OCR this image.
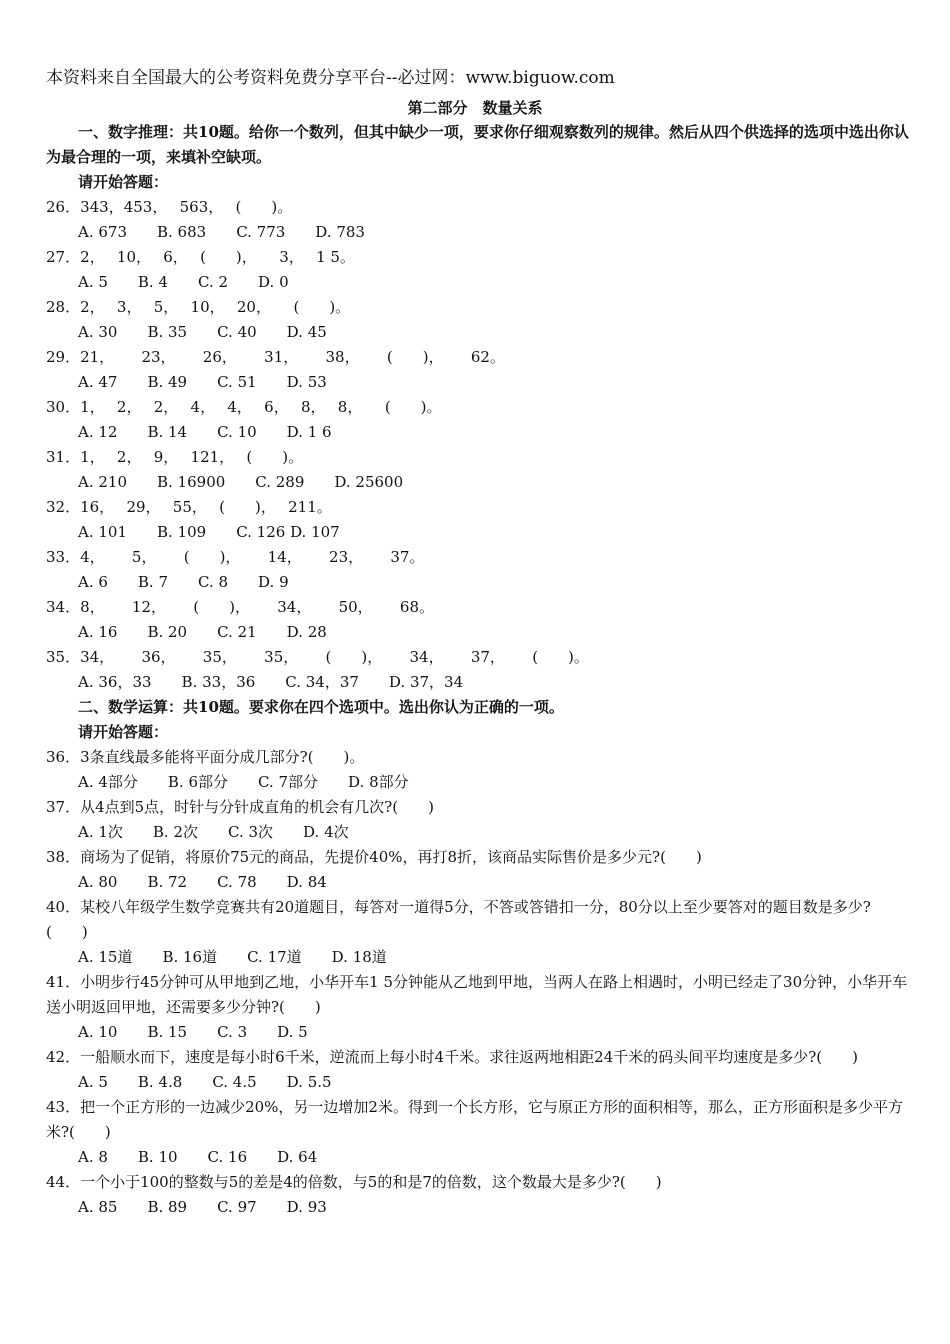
本资料来自全国最大的公考资料免费分享平台--必过网：www.biguow.com
第二部分　数量关系
一、数字推理：共10题。给你一个数列，但其中缺少一项，要求你仔细观察数列的规律。然后从四个供选择的选项中选出你认为最合理的一项，来填补空缺项。
请开始答题：
26．343，453，　 563，　 (　　)。
A. 673　　B. 683　　C. 773　　D. 783
27．2，　 10，　 6，　 (　　)，　　3，　 1 5。
A. 5　　B. 4　　C. 2　　D. 0
28．2，　 3，　 5，　 10，　 20，　　(　　)。
A. 30　　B. 35　　C. 40　　D. 45
29．21，　　 23，　　 26，　　 31，　　 38，　　 (　　)，　　 62。
A. 47　　B. 49　　C. 51　　D. 53
30．1，　 2，　 2，　 4，　 4，　 6，　 8，　 8，　　(　　)。
A. 12　　B. 14　　C. 10　　D. 1 6
31．1，　 2，　 9，　 121，　 (　　)。
A. 210　　B. 16900　　C. 289　　D. 25600
32．16，　 29，　 55，　 (　　)，　 211。
A. 101　　B. 109　　C. 126 D. 107
33．4，　　 5，　　 (　　)，　　 14，　　 23，　　 37。
A. 6　　B. 7　　C. 8　　D. 9
34．8，　　 12，　　 (　　)，　　 34，　　 50，　　 68。
A. 16　　B. 20　　C. 21　　D. 28
35．34，　　 36，　　 35，　　 35，　　 (　　)，　　 34，　　 37，　　 (　　)。
A. 36，33　　B. 33，36　　C. 34，37　　D. 37，34
二、数学运算：共10题。要求你在四个选项中。选出你认为正确的一项。
请开始答题：
36．3条直线最多能将平面分成几部分?(　　)。
A. 4部分　　B. 6部分　　C. 7部分　　D. 8部分
37．从4点到5点，时针与分针成直角的机会有几次?(　　)
A. 1次　　B. 2次　　C. 3次　　D. 4次
38．商场为了促销，将原价75元的商品，先提价40%，再打8折，该商品实际售价是多少元?(　　)
A. 80　　B. 72　　C. 78　　D. 84
40．某校八年级学生数学竞赛共有20道题目，每答对一道得5分，不答或答错扣一分，80分以上至少要答对的题目数是多少?(　　)
A. 15道　　B. 16道　　C. 17道　　D. 18道
41．小明步行45分钟可从甲地到乙地，小华开车1 5分钟能从乙地到甲地，当两人在路上相遇时，小明已经走了30分钟，小华开车送小明返回甲地，还需要多少分钟?(　　)
A. 10　　B. 15　　C. 3　　D. 5
42．一船顺水而下，速度是每小时6千米，逆流而上每小时4千米。求往返两地相距24千米的码头间平均速度是多少?(　　)
A. 5　　B. 4.8　　C. 4.5　　D. 5.5
43．把一个正方形的一边减少20%，另一边增加2米。得到一个长方形，它与原正方形的面积相等，那么，正方形面积是多少平方米?(　　)
A. 8　　B. 10　　C. 16　　D. 64
44．一个小于100的整数与5的差是4的倍数，与5的和是7的倍数，这个数最大是多少?(　　)
A. 85　　B. 89　　C. 97　　D. 93
